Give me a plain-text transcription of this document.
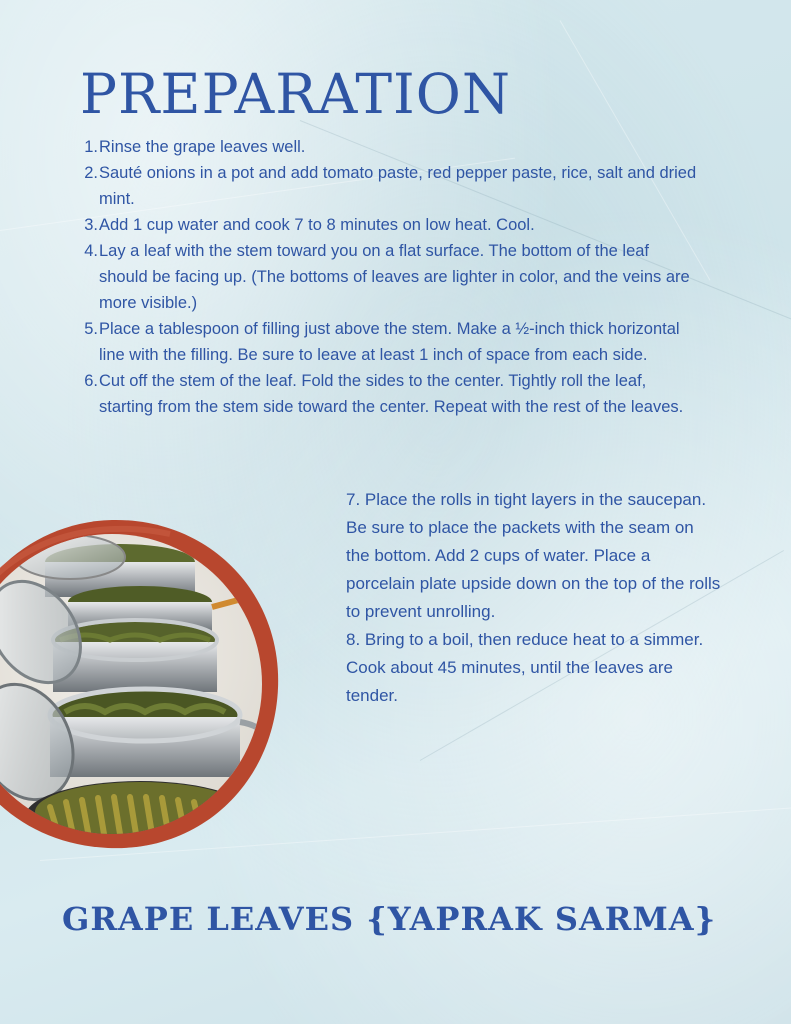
PREPARATION
1. Rinse the grape leaves well.
2. Sauté onions in a pot and add tomato paste, red pepper paste, rice, salt and dried mint.
3. Add 1 cup water and cook 7 to 8 minutes on low heat. Cool.
4. Lay a leaf with the stem toward you on a flat surface. The bottom of the leaf should be facing up. (The bottoms of leaves are lighter in color, and the veins are more visible.)
5. Place a tablespoon of filling just above the stem. Make a ½-inch thick horizontal line with the filling. Be sure to leave at least 1 inch of space from each side.
6. Cut off the stem of the leaf. Fold the sides to the center. Tightly roll the leaf, starting from the stem side toward the center. Repeat with the rest of the leaves.

7. Place the rolls in tight layers in the saucepan. Be sure to place the packets with the seam on the bottom. Add 2 cups of water. Place a porcelain plate upside down on the top of the rolls to prevent unrolling.

8. Bring to a boil, then reduce heat to a simmer. Cook about 45 minutes, until the leaves are tender.

GRAPE LEAVES {YAPRAK SARMA}
